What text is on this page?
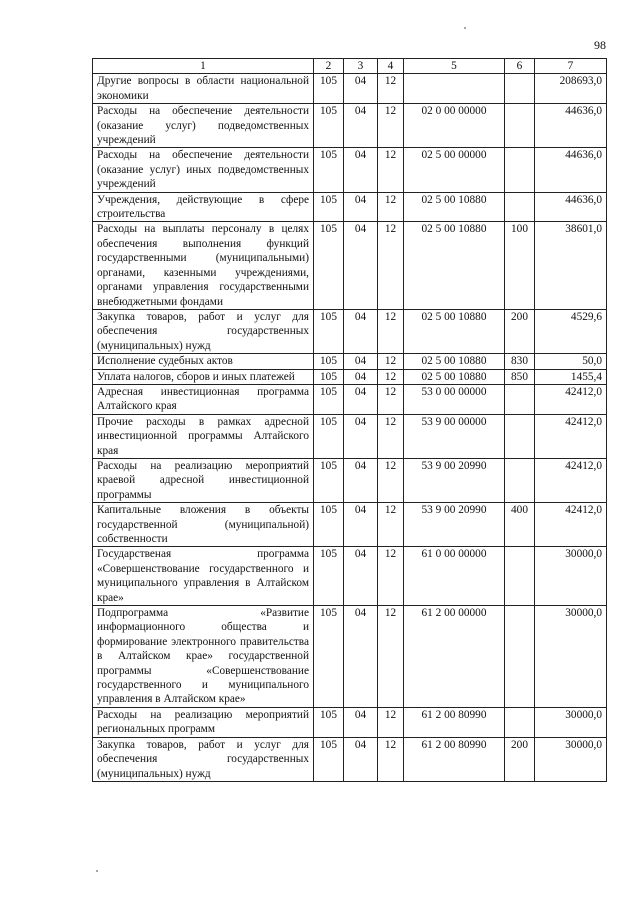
98
1	2	3	4	5	6	7
Другие вопросы в области национальной экономики	105	04	12			208693,0
Расходы на обеспечение деятельности (оказание услуг) подведомственных учреждений	105	04	12	02 0 00 00000		44636,0
Расходы на обеспечение деятельности (оказание услуг) иных подведомственных учреждений	105	04	12	02 5 00 00000		44636,0
Учреждения, действующие в сфере строительства	105	04	12	02 5 00 10880		44636,0
Расходы на выплаты персоналу в целях обеспечения выполнения функций государственными (муниципальными) органами, казенными учреждениями, органами управления государственными внебюджетными фондами	105	04	12	02 5 00 10880	100	38601,0
Закупка товаров, работ и услуг для обеспечения государственных (муниципальных) нужд	105	04	12	02 5 00 10880	200	4529,6
Исполнение судебных актов	105	04	12	02 5 00 10880	830	50,0
Уплата налогов, сборов и иных платежей	105	04	12	02 5 00 10880	850	1455,4
Адресная инвестиционная программа Алтайского края	105	04	12	53 0 00 00000		42412,0
Прочие расходы в рамках адресной инвестиционной программы Алтайского края	105	04	12	53 9 00 00000		42412,0
Расходы на реализацию мероприятий краевой адресной инвестиционной программы	105	04	12	53 9 00 20990		42412,0
Капитальные вложения в объекты государственной (муниципальной) собственности	105	04	12	53 9 00 20990	400	42412,0
Государственая программа «Совершенствование государственного и муниципального управления в Алтайском крае»	105	04	12	61 0 00 00000		30000,0
Подпрограмма «Развитие информационного общества и формирование электронного правительства в Алтайском крае» государственной программы «Совершенствование государственного и муниципального управления в Алтайском крае»	105	04	12	61 2 00 00000		30000,0
Расходы на реализацию мероприятий региональных программ	105	04	12	61 2 00 80990		30000,0
Закупка товаров, работ и услуг для обеспечения государственных (муниципальных) нужд	105	04	12	61 2 00 80990	200	30000,0
